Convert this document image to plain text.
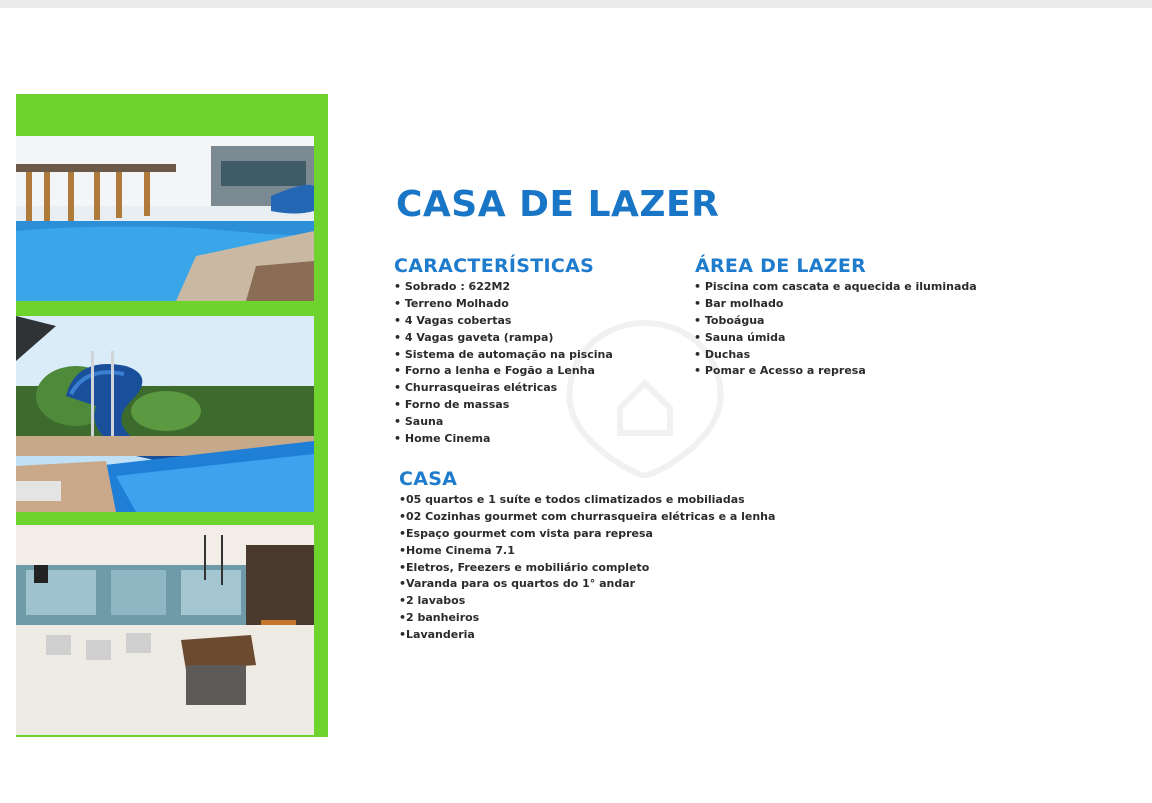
CASA DE LAZER
CARACTERÍSTICAS
• Sobrado : 622M2
• Terreno Molhado
• 4 Vagas cobertas
• 4 Vagas gaveta (rampa)
• Sistema de automação na piscina
• Forno a lenha e Fogão a Lenha
• Churrasqueiras elétricas
• Forno de massas
• Sauna
• Home Cinema
ÁREA DE LAZER
• Piscina com cascata e aquecida e iluminada
• Bar molhado
• Toboágua
• Sauna úmida
• Duchas
• Pomar e Acesso a represa
CASA
•05 quartos e 1 suíte e todos climatizados e mobiliadas
•02 Cozinhas gourmet com churrasqueira elétricas e a lenha
•Espaço gourmet com vista para represa
•Home Cinema 7.1
•Eletros, Freezers e mobiliário completo
•Varanda para os quartos do 1° andar
•2 lavabos
•2 banheiros
•Lavanderia
